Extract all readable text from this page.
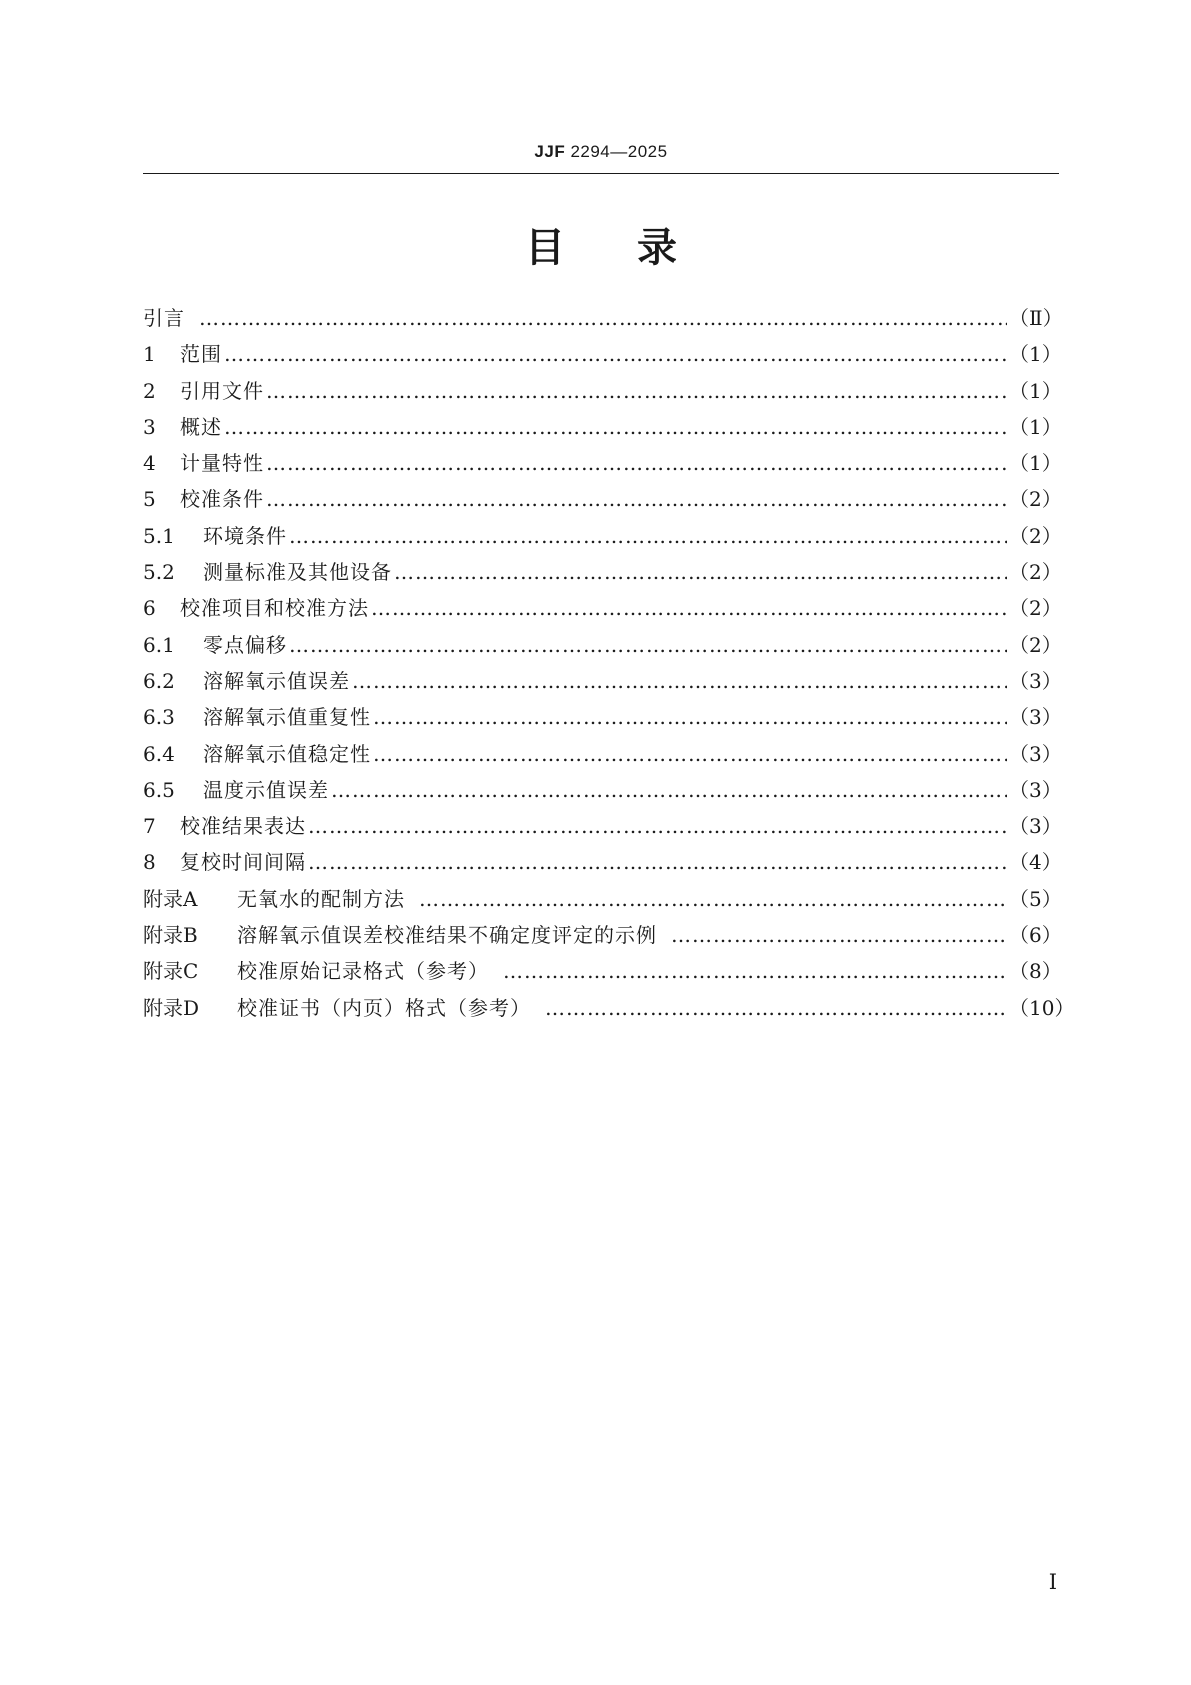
JJF 2294—2025
目录
引言 ……………………………………………………………………………………………………………………………………	（Ⅱ）
1	范围 ……………………………………………………………………………………………………………………………………	（1）
2	引用文件 ……………………………………………………………………………………………………………………………………	（1）
3	概述 ……………………………………………………………………………………………………………………………………	（1）
4	计量特性 ……………………………………………………………………………………………………………………………………	（1）
5	校准条件 ……………………………………………………………………………………………………………………………………	（2）
5.1	环境条件 ……………………………………………………………………………………………………………………………………	（2）
5.2	测量标准及其他设备 ……………………………………………………………………………………………………………………………………	（2）
6	校准项目和校准方法 ……………………………………………………………………………………………………………………………………	（2）
6.1	零点偏移 ……………………………………………………………………………………………………………………………………	（2）
6.2	溶解氧示值误差 ……………………………………………………………………………………………………………………………………	（3）
6.3	溶解氧示值重复性 ……………………………………………………………………………………………………………………………………	（3）
6.4	溶解氧示值稳定性 ……………………………………………………………………………………………………………………………………	（3）
6.5	温度示值误差 ……………………………………………………………………………………………………………………………………	（3）
7	校准结果表达 ……………………………………………………………………………………………………………………………………	（3）
8	复校时间间隔 ……………………………………………………………………………………………………………………………………	（4）
附录A	无氧水的配制方法 ……………………………………………………………………………………………………………………………………	（5）
附录B	溶解氧示值误差校准结果不确定度评定的示例 ……………………………………………………………………………………………………………………………………	（6）
附录C	校准原始记录格式（参考） ……………………………………………………………………………………………………………………………………	（8）
附录D	校准证书（内页）格式（参考） ……………………………………………………………………………………………………………………………………	（10）
Ⅰ
